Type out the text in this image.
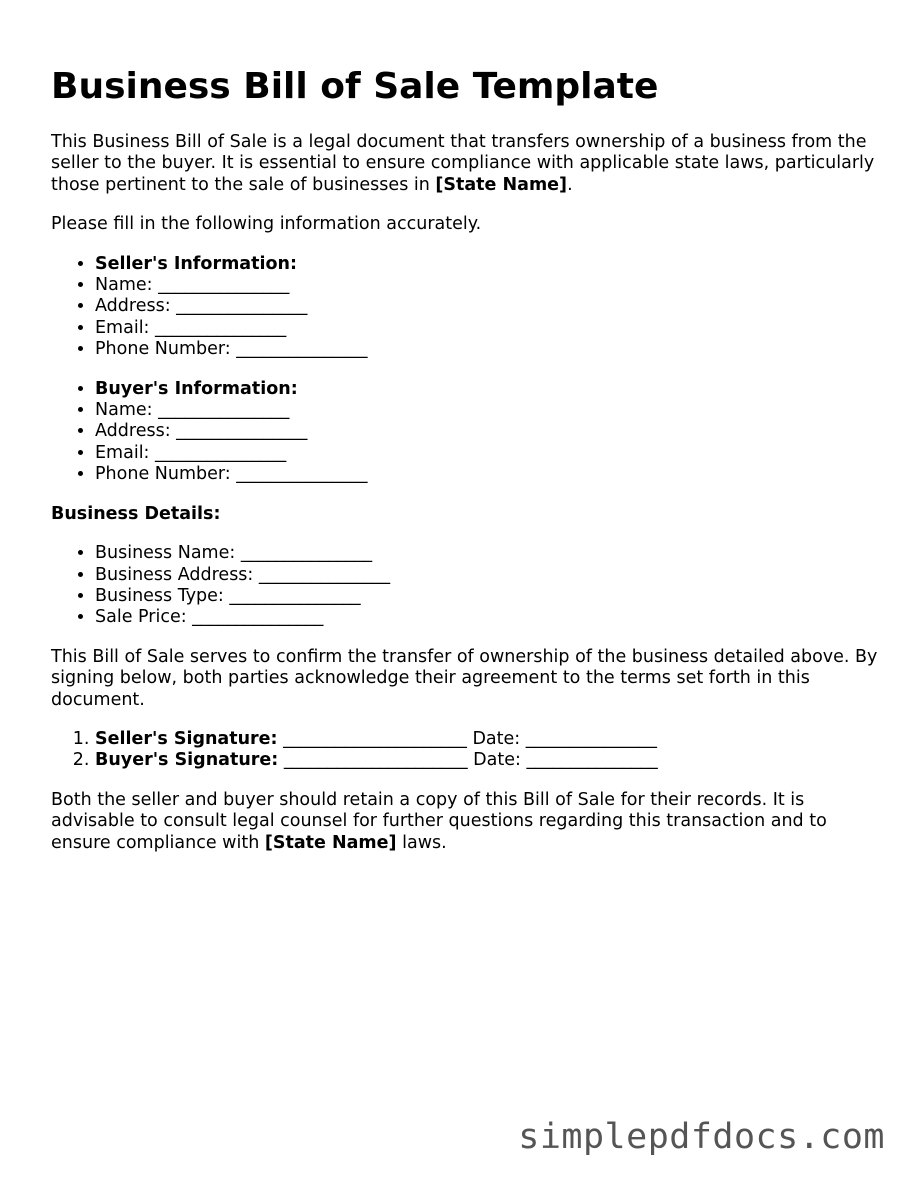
Business Bill of Sale Template

This Business Bill of Sale is a legal document that transfers ownership of a business from the seller to the buyer. It is essential to ensure compliance with applicable state laws, particularly those pertinent to the sale of businesses in [State Name].

Please fill in the following information accurately.

• Seller's Information:
• Name: _______________
• Address: _______________
• Email: _______________
• Phone Number: _______________
• Buyer's Information:
• Name: _______________
• Address: _______________
• Email: _______________
• Phone Number: _______________
Business Details:
• Business Name: _______________
• Business Address: _______________
• Business Type: _______________
• Sale Price: _______________

This Bill of Sale serves to confirm the transfer of ownership of the business detailed above. By signing below, both parties acknowledge their agreement to the terms set forth in this document.

1. Seller's Signature: _____________________ Date: _______________
2. Buyer's Signature: _____________________ Date: _______________

Both the seller and buyer should retain a copy of this Bill of Sale for their records. It is advisable to consult legal counsel for further questions regarding this transaction and to ensure compliance with [State Name] laws.

simplepdfdocs.com
